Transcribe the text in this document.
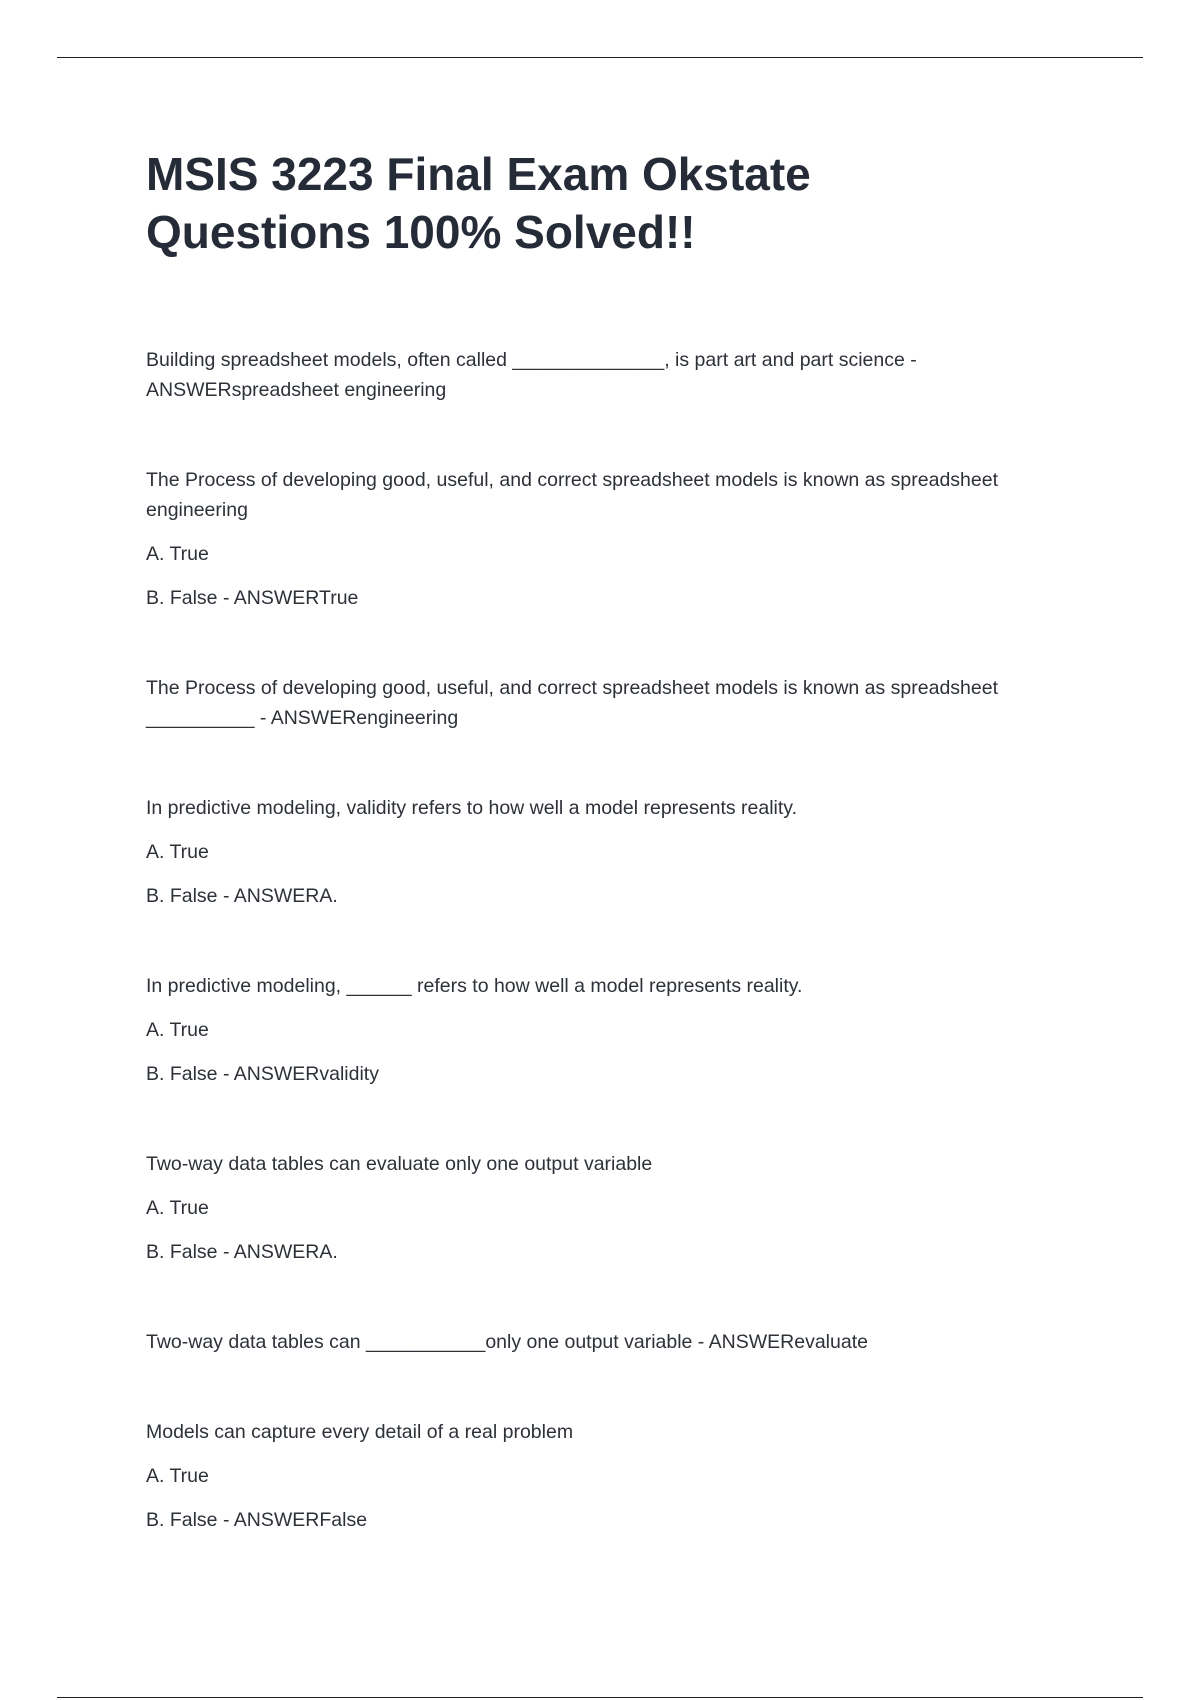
MSIS 3223 Final Exam Okstate
Questions 100% Solved!!
Building spreadsheet models, often called ______________, is part art and part science -
ANSWERspreadsheet engineering
The Process of developing good, useful, and correct spreadsheet models is known as spreadsheet
engineering
A. True
B. False - ANSWERTrue
The Process of developing good, useful, and correct spreadsheet models is known as spreadsheet
__________ - ANSWERengineering
In predictive modeling, validity refers to how well a model represents reality.
A. True
B. False - ANSWERA.
In predictive modeling, ______ refers to how well a model represents reality.
A. True
B. False - ANSWERvalidity
Two-way data tables can evaluate only one output variable
A. True
B. False - ANSWERA.
Two-way data tables can ___________only one output variable - ANSWERevaluate
Models can capture every detail of a real problem
A. True
B. False - ANSWERFalse
